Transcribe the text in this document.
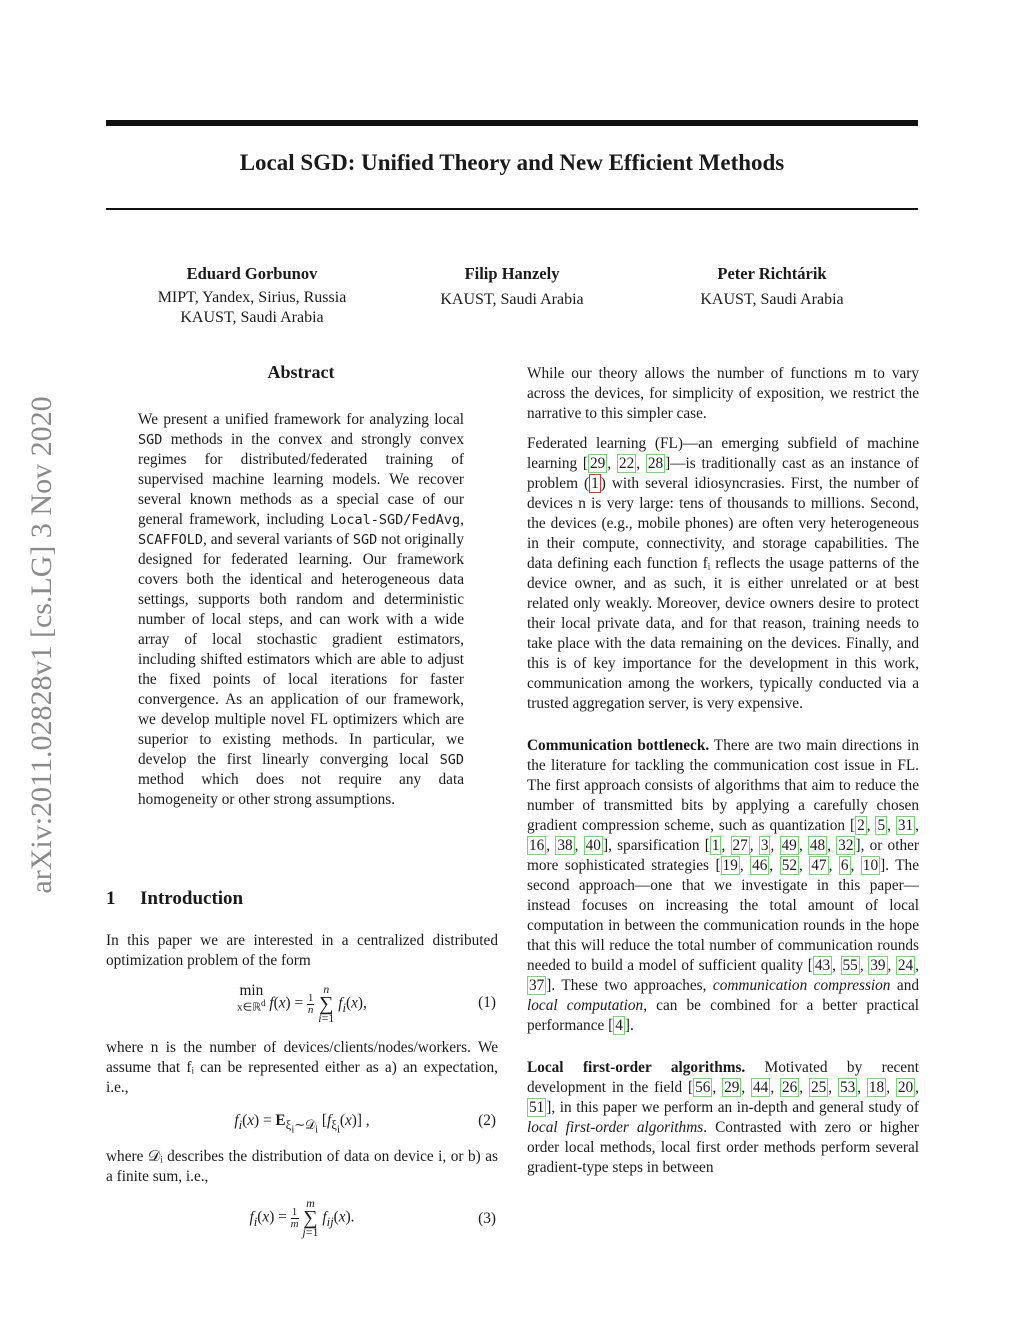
Local SGD: Unified Theory and New Efficient Methods
arXiv:2011.02828v1 [cs.LG] 3 Nov 2020
Eduard Gorbunov
MIPT, Yandex, Sirius, Russia
KAUST, Saudi Arabia
Filip Hanzely
KAUST, Saudi Arabia
Peter Richtárik
KAUST, Saudi Arabia
Abstract

We present a unified framework for analyzing local SGD methods in the convex and strongly convex regimes for distributed/federated training of supervised machine learning models. We recover several known methods as a special case of our general framework, including Local-SGD/FedAvg, SCAFFOLD, and several variants of SGD not originally designed for federated learning. Our framework covers both the identical and heterogeneous data settings, supports both random and deterministic number of local steps, and can work with a wide array of local stochastic gradient estimators, including shifted estimators which are able to adjust the fixed points of local iterations for faster convergence. As an application of our framework, we develop multiple novel FL optimizers which are superior to existing methods. In particular, we develop the first linearly converging local SGD method which does not require any data homogeneity or other strong assumptions.

1 Introduction
In this paper we are interested in a centralized distributed optimization problem of the form
min
x∈ℝ$^d$ $f(x) = \frac{1}{n}$ n
∑
i=1 $f_i(x)$,	(1)
where n is the number of devices/clients/nodes/workers. We assume that fᵢ can be represented either as a) an expectation, i.e.,
$f_i(x) = E_{\xi_i\sim 𝒟_i}$ $[f_{\xi_i}(x)]$ ,	(2)
where 𝒟ᵢ describes the distribution of data on device i, or b) as a finite sum, i.e.,
$f_i(x) = \frac{1}{m}$ m
∑
j=1 $f_{ij}(x)$.	(3)

While our theory allows the number of functions m to vary across the devices, for simplicity of exposition, we restrict the narrative to this simpler case.

Federated learning (FL)—an emerging subfield of machine learning [ 29 , 22 , 28 ]—is traditionally cast as an instance of problem ( 1 ) with several idiosyncrasies. First, the number of devices n is very large: tens of thousands to millions. Second, the devices (e.g., mobile phones) are often very heterogeneous in their compute, connectivity, and storage capabilities. The data defining each function fᵢ reflects the usage patterns of the device owner, and as such, it is either unrelated or at best related only weakly. Moreover, device owners desire to protect their local private data, and for that reason, training needs to take place with the data remaining on the devices. Finally, and this is of key importance for the development in this work, communication among the workers, typically conducted via a trusted aggregation server, is very expensive.

Communication bottleneck. There are two main directions in the literature for tackling the communication cost issue in FL. The first approach consists of algorithms that aim to reduce the number of transmitted bits by applying a carefully chosen gradient compression scheme, such as quantization [ 2 , 5 , 31 , 16 , 38 , 40 ], sparsification [ 1 , 27 , 3 , 49 , 48 , 32 ], or other more sophisticated strategies [ 19 , 46 , 52 , 47 , 6 , 10 ]. The second approach—one that we investigate in this paper—instead focuses on increasing the total amount of local computation in between the communication rounds in the hope that this will reduce the total number of communication rounds needed to build a model of sufficient quality [ 43 , 55 , 39 , 24 , 37 ]. These two approaches, communication compression and local computation, can be combined for a better practical performance [ 4 ].

Local first-order algorithms. Motivated by recent development in the field [ 56 , 29 , 44 , 26 , 25 , 53 , 18 , 20 , 51 ], in this paper we perform an in-depth and general study of local first-order algorithms. Contrasted with zero or higher order local methods, local first order methods perform several gradient-type steps in between
